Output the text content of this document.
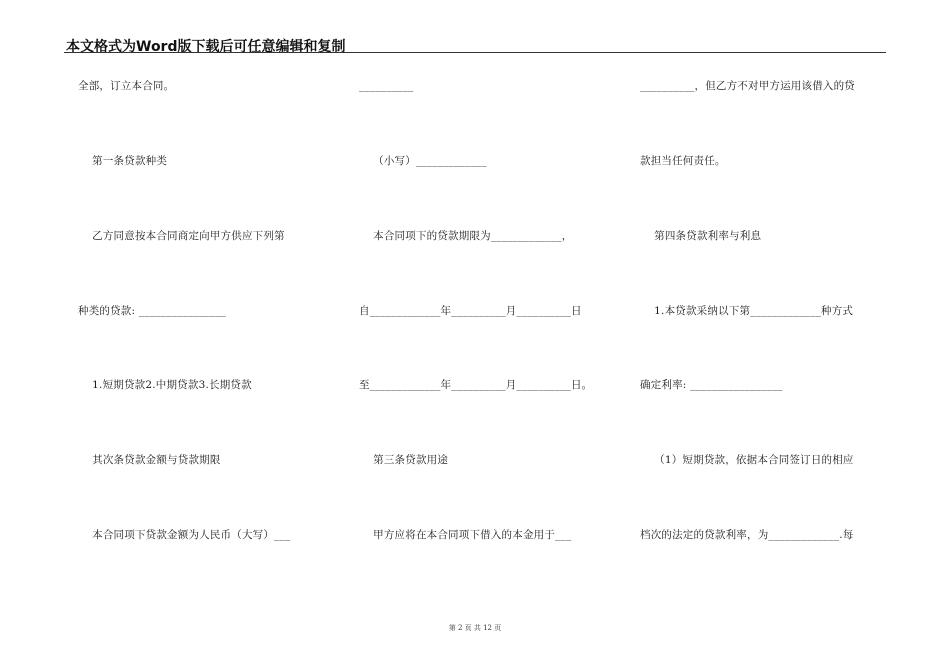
本文格式为Word版下载后可任意编辑和复制
全部，订立本合同。
第一条贷款种类
乙方同意按本合同商定向甲方供应下列第
种类的贷款: ________________
1.短期贷款2.中期贷款3.长期贷款
其次条贷款金额与贷款期限
本合同项下贷款金额为人民币（大写）___
__________
（小写）_____________
本合同项下的贷款期限为_____________，
自_____________年__________月__________日
至_____________年__________月__________日。
第三条贷款用途
甲方应将在本合同项下借入的本金用于___
__________，但乙方不对甲方运用该借入的贷
款担当任何责任。
第四条贷款利率与利息
1.本贷款采纳以下第_____________种方式
确定利率: _________________
（1）短期贷款，依据本合同签订日的相应
档次的法定的贷款利率，为_____________.每
第 2 页 共 12 页
